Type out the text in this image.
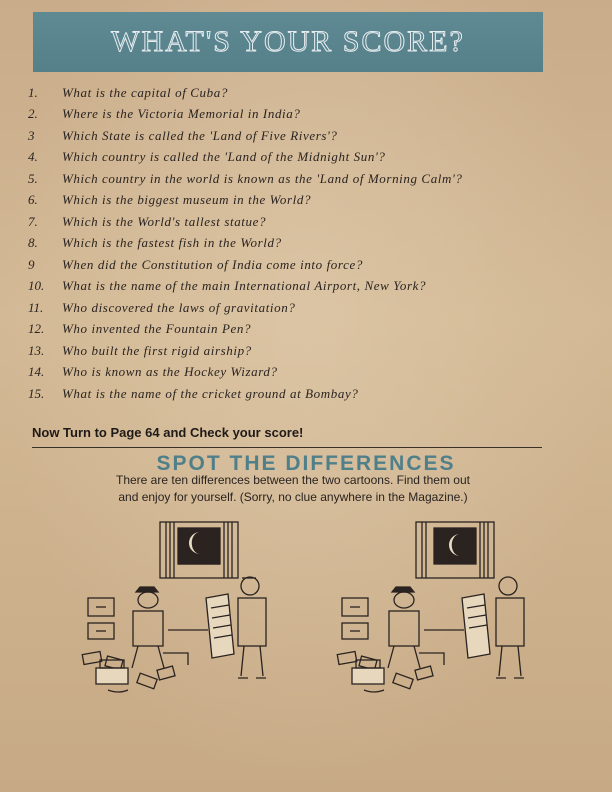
WHAT'S YOUR SCORE?
1.	What is the capital of Cuba?
2.	Where is the Victoria Memorial in India?
3	Which State is called the 'Land of Five Rivers'?
4.	Which country is called the 'Land of the Midnight Sun'?
5.	Which country in the world is known as the 'Land of Morning Calm'?
6.	Which is the biggest museum in the World?
7.	Which is the World's tallest statue?
8.	Which is the fastest fish in the World?
9	When did the Constitution of India come into force?
10.	What is the name of the main International Airport, New York?
11.	Who discovered the laws of gravitation?
12.	Who invented the Fountain Pen?
13.	Who built the first rigid airship?
14.	Who is known as the Hockey Wizard?
15.	What is the name of the cricket ground at Bombay?
Now Turn to Page 64 and Check your score!
SPOT THE DIFFERENCES
There are ten differences between the two cartoons. Find them out
and enjoy for yourself. (Sorry, no clue anywhere in the Magazine.)
